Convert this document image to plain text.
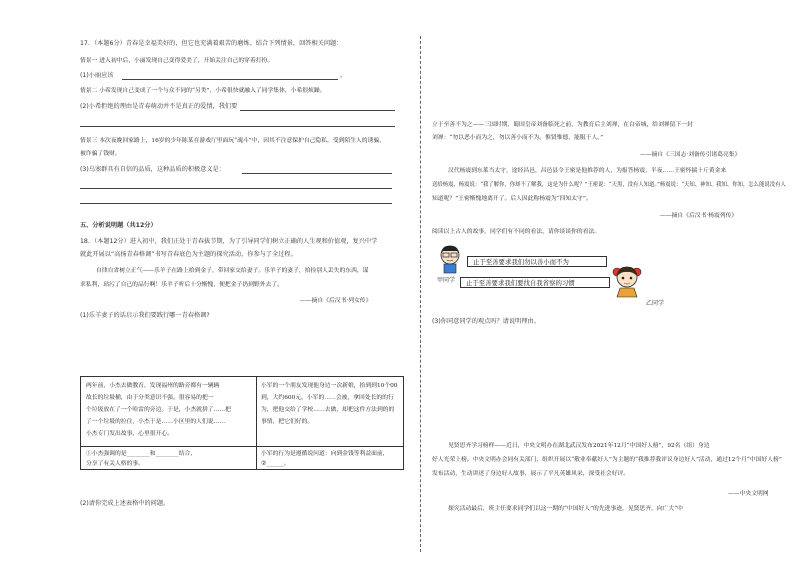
17．（本题6分）青春是幸福美好的，但它也充满着艰苦的磨炼。结合下列情景，回答相关问题：
情景一 进入初中后，小丽发现自己变得爱美了，开始关注自己的穿着打扮。
(1)小丽应该	。
情景二 小希发现自己变成了一个与众不同的“另类”，小希很快就融入了同学集体，小希很烦躁。
(2)小希拒绝的理由是青春萌动并不是真正的爱情，我们要
情景三 本次夜晚回家路上，16岁的少年陈某在游戏厅里面玩“魂斗”中，因其不注意保护自己隐私，受到陌生人的诱骗，
被诈骗了钱财。
(3)乌塞群具有自信的品质，这种品质的积极意义是：
五、分析说明题（共12分）
18．（本题12分）进入初中，我们正处于青春拔节期，为了引导同学们树立正确的人生观和价值观，复兴中学
就此开展以“高扬青春格调”书写青春底色为主题的探究活动，你参与了全过程。
自律自省树立正气——乐羊子在路上拾到金子，带回家交给妻子。乐羊子的妻子，拾捡别人丢失的东西，谋
求私利，玷污了自己的品行啊！乐羊子听后十分惭愧，便把金子扔到野外去了。
——摘自《后汉书·列女传》
(1)乐羊妻子的话启示我们要践行哪一青春格调?
两年前，小杰去做教育，发现福州的路旁都有一辆辆
故长的垃圾桶，由于分类意识不强，很容易的把一
个垃圾放在了一个哈雷的旁边。于是，小杰就拼了……把
了一个垃圾的拉住，小杰于是……小区里的人们说……
小杰专门发出故事，心里很开心。
①小杰强调的是________和________结合，
分享了有关人格的事。
小军的一个朋友发现他身边一次新娘，拾到到10个00
到，大约600元。小军的……会被，拿回处长的的行
为，把他交给了学校……去做，却把这件方法到的的
事情，把它们好的。
小军的行为是遵循说问道：向到金钱等利益面前，
②______。
(2)请你完成上述表格中的问题。
立于至善不为之——三国时期，蜀国皇帝刘备临死之前，为教育后主刘禅，在白帝城，给刘禅留下一封
刘禅：“勿以恶小而为之，勿以善小而不为。惟贤惟德，能服于人。”
——摘自《三国志·刘备传引诸葛亮集》
汉代杨震到东莱当太守，途经昌邑，昌邑县令王密是他推荐的人，为报答杨震，半夜……王密怀揣十斤黄金来
送给杨震，杨震说：“我了解你，你却不了解我，这是为什么呢？”王密说：“天黑，没有人知道。”杨震说：“天知、神知、我知、你知，怎么能说没有人
知道呢？”王密惭愧地离开了。后人因此称杨震为“四知太守”。
——摘自《后汉书·杨震列传》
阅读以上古人的故事，同学们有不同的看法，请你谈谈你的看法。
甲同学
止于至善要求我们勿以善小而不为
止于至善要求我们要找自我省察的习惯
乙同学
(3)你同意同学的观点吗？请说明理由。
见贤思齐学习榜样——近日，中央文明办在湖北武汉发布2021年12月“中国好人榜”，92名（组）身边
好人光荣上榜。中央文明办会同有关部门，组织开展以“敬业奉献好人”为主题的“我推荐我评议身边好人”活动，通过12个月“中国好人榜”
发布活动，生动讲述了身边好人故事，展示了平凡英雄风采，深受社会好评。
——中央文明网
探究活动最后，班主任要求同学们以这一期的“中国好人”的先进事迹，见贤思齐，向广大“中
